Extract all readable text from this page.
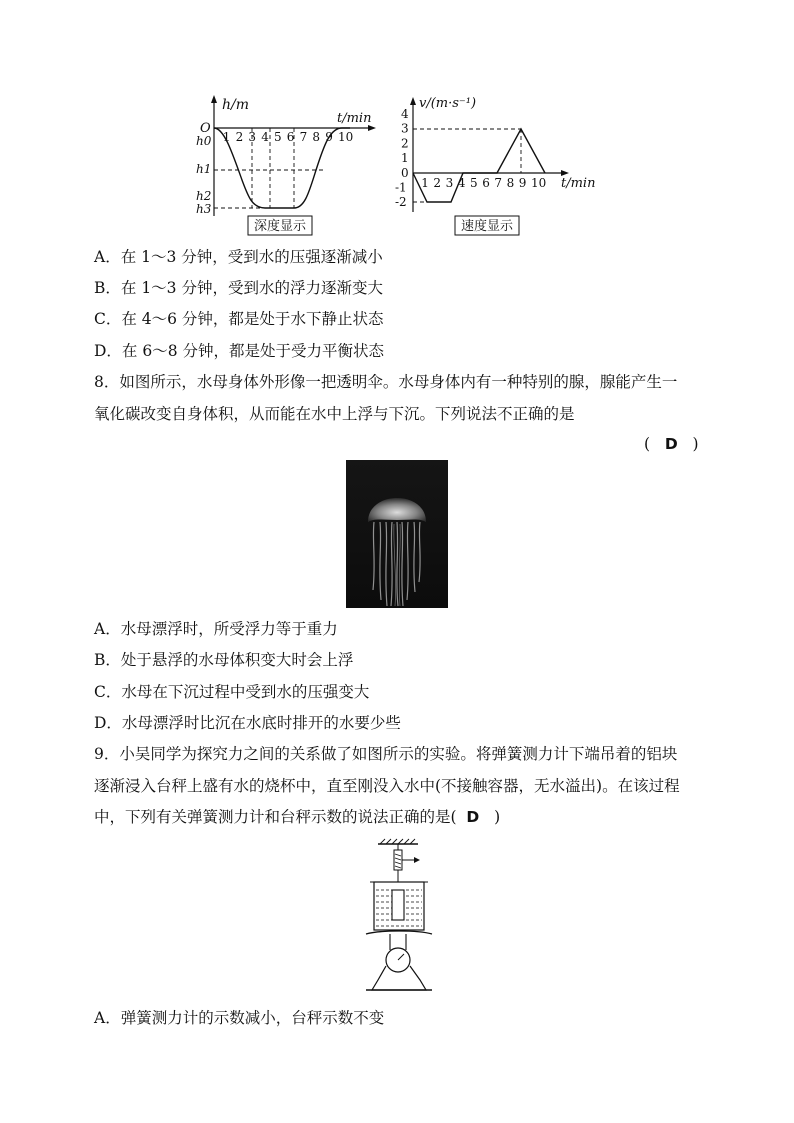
h/m
t/min
O
1 2 3 4 5 6 7 8 9 10
h0
h1
h2
h3
深度显示
v/(m·s⁻¹)
t/min
4
3
2
1
0
-1
-2
1 2 3 4 5 6 7 8 9 10
速度显示
A．在 1～3 分钟，受到水的压强逐渐减小
B．在 1～3 分钟，受到水的浮力逐渐变大
C．在 4～6 分钟，都是处于水下静止状态
D．在 6～8 分钟，都是处于受力平衡状态
8．如图所示，水母身体外形像一把透明伞。水母身体内有一种特别的腺，腺能产生一
氧化碳改变自身体积，从而能在水中上浮与下沉。下列说法不正确的是
( D )
A．水母漂浮时，所受浮力等于重力
B．处于悬浮的水母体积变大时会上浮
C．水母在下沉过程中受到水的压强变大
D．水母漂浮时比沉在水底时排开的水要少些
9．小吴同学为探究力之间的关系做了如图所示的实验。将弹簧测力计下端吊着的铝块
逐渐浸入台秤上盛有水的烧杯中，直至刚没入水中(不接触容器，无水溢出)。在该过程
中，下列有关弹簧测力计和台秤示数的说法正确的是( D )
A．弹簧测力计的示数减小，台秤示数不变
